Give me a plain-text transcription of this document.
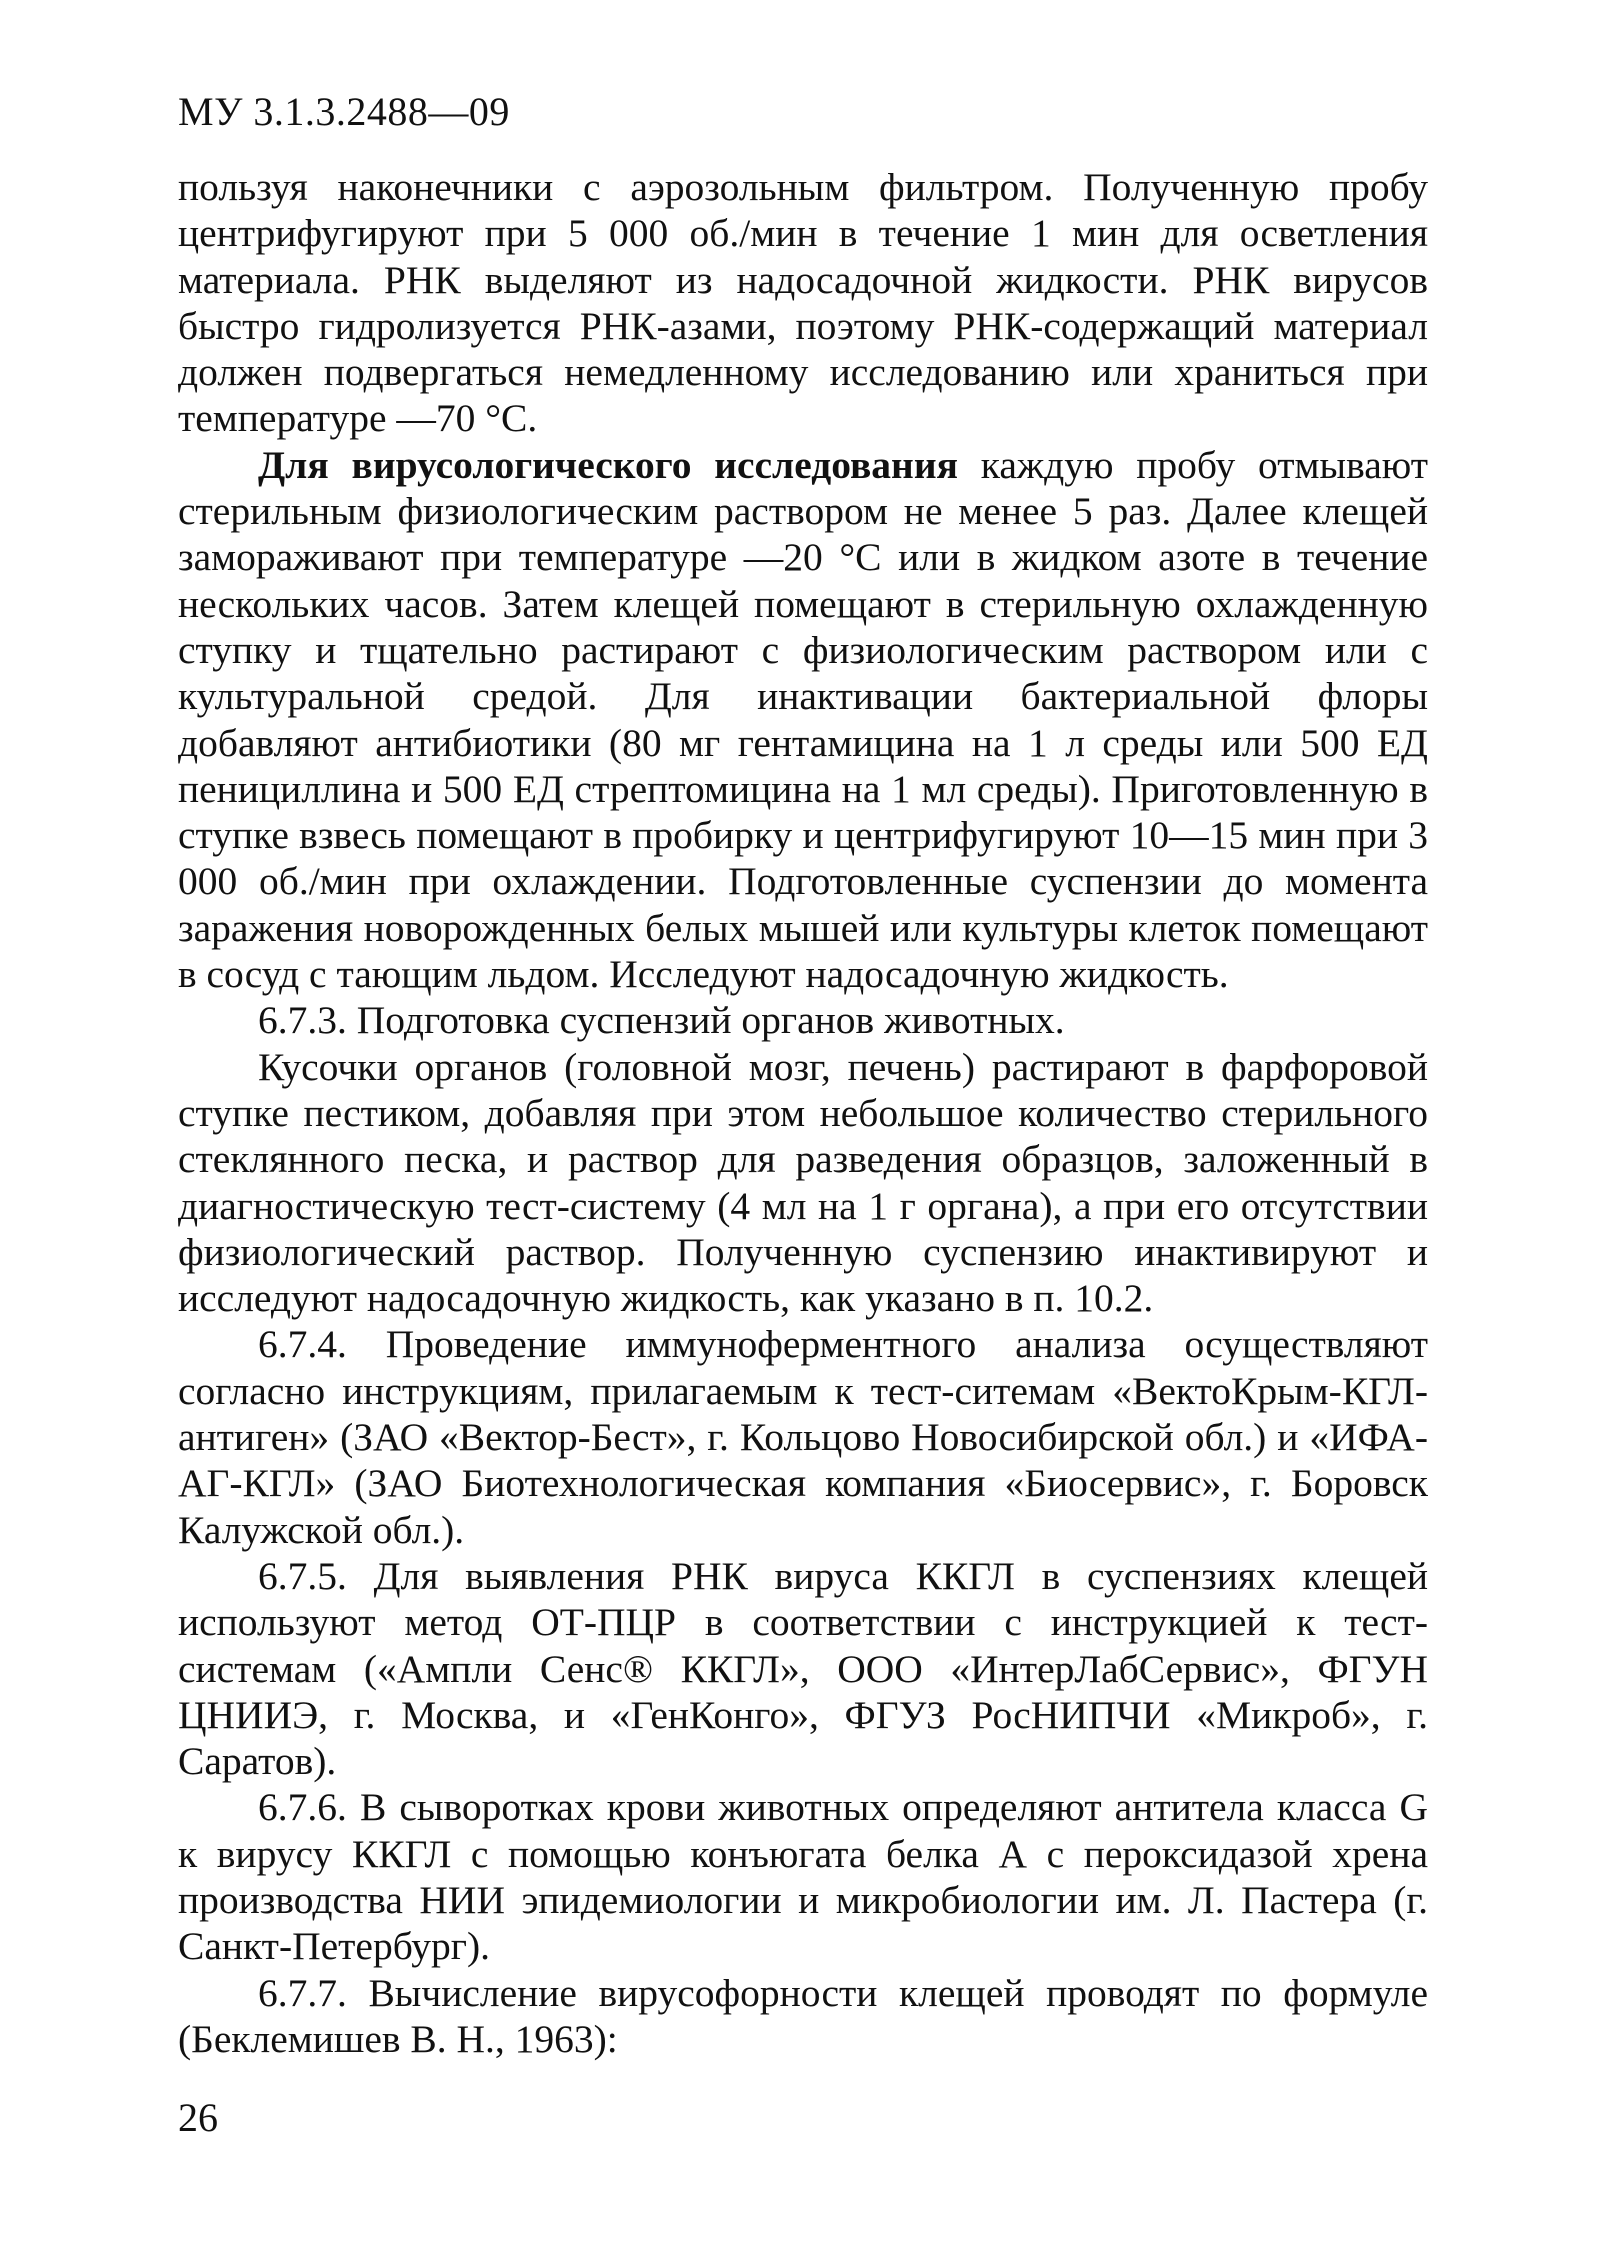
МУ 3.1.3.2488—09

пользуя наконечники с аэрозольным фильтром. Полученную пробу центрифугируют при 5 000 об./мин в течение 1 мин для осветления материала. РНК выделяют из надосадочной жидкости. РНК вирусов быстро гидролизуется РНК-азами, поэтому РНК-содержащий материал должен подвергаться немедленному исследованию или храниться при температуре —70 °С.

Для вирусологического исследования каждую пробу отмывают стерильным физиологическим раствором не менее 5 раз. Далее клещей замораживают при температуре —20 °С или в жидком азоте в течение нескольких часов. Затем клещей помещают в стерильную охлажденную ступку и тщательно растирают с физиологическим раствором или с культуральной средой. Для инактивации бактериальной флоры добавляют антибиотики (80 мг гентамицина на 1 л среды или 500 ЕД пенициллина и 500 ЕД стрептомицина на 1 мл среды). Приготовленную в ступке взвесь помещают в пробирку и центрифугируют 10—15 мин при 3 000 об./мин при охлаждении. Подготовленные суспензии до момента заражения новорожденных белых мышей или культуры клеток помещают в сосуд с тающим льдом. Исследуют надосадочную жидкость.

6.7.3. Подготовка суспензий органов животных.

Кусочки органов (головной мозг, печень) растирают в фарфоровой ступке пестиком, добавляя при этом небольшое количество стерильного стеклянного песка, и раствор для разведения образцов, заложенный в диагностическую тест-систему (4 мл на 1 г органа), а при его отсутствии физиологический раствор. Полученную суспензию инактивируют и исследуют надосадочную жидкость, как указано в п. 10.2.

6.7.4. Проведение иммуноферментного анализа осуществляют согласно инструкциям, прилагаемым к тест-ситемам «ВектоКрым-КГЛ-антиген» (ЗАО «Вектор-Бест», г. Кольцово Новосибирской обл.) и «ИФА-АГ-КГЛ» (ЗАО Биотехнологическая компания «Биосервис», г. Боровск Калужской обл.).

6.7.5. Для выявления РНК вируса ККГЛ в суспензиях клещей используют метод ОТ-ПЦР в соответствии с инструкцией к тест-системам («Ампли Сенс® ККГЛ», ООО «ИнтерЛабСервис», ФГУН ЦНИИЭ, г. Москва, и «ГенКонго», ФГУЗ РосНИПЧИ «Микроб», г. Саратов).

6.7.6. В сыворотках крови животных определяют антитела класса G к вирусу ККГЛ с помощью конъюгата белка А с пероксидазой хрена производства НИИ эпидемиологии и микробиологии им. Л. Пастера (г. Санкт-Петербург).

6.7.7. Вычисление вирусофорности клещей проводят по формуле (Беклемишев В. Н., 1963):

26
